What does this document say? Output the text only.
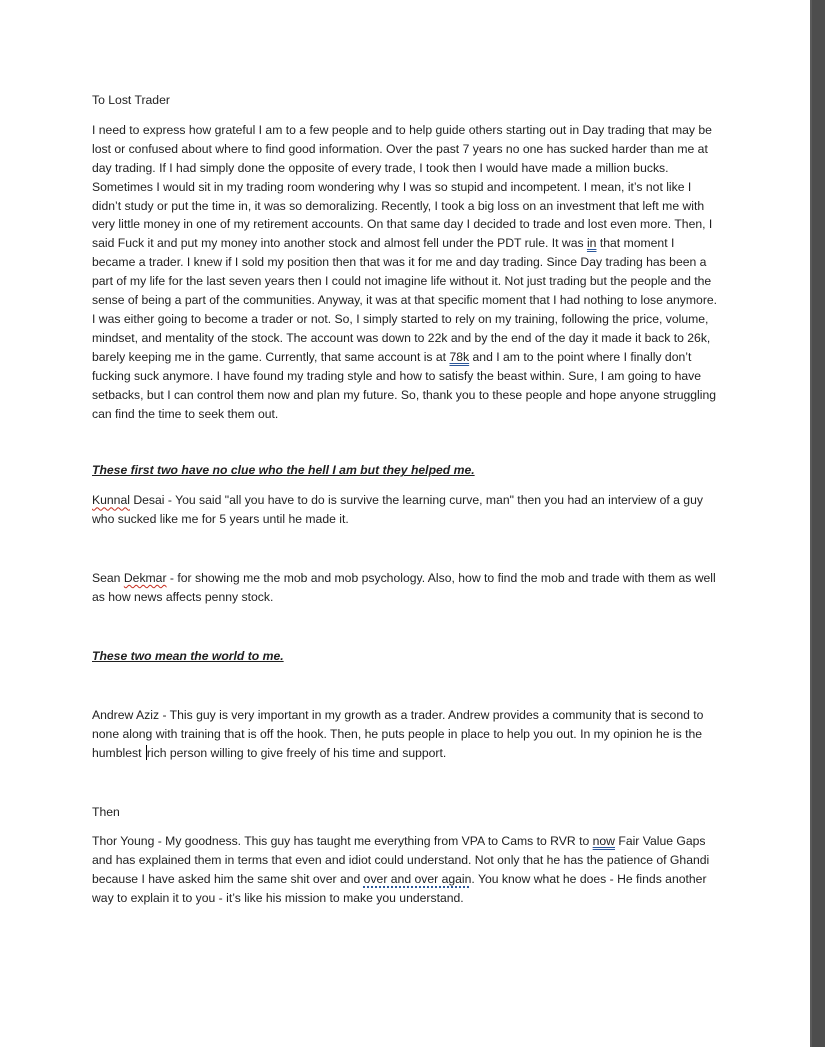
To Lost Trader

I need to express how grateful I am to a few people and to help guide others starting out in Day trading that may be lost or confused about where to find good information. Over the past 7 years no one has sucked harder than me at day trading. If I had simply done the opposite of every trade, I took then I would have made a million bucks. Sometimes I would sit in my trading room wondering why I was so stupid and incompetent. I mean, it’s not like I didn’t study or put the time in, it was so demoralizing. Recently, I took a big loss on an investment that left me with very little money in one of my retirement accounts. On that same day I decided to trade and lost even more. Then, I said Fuck it and put my money into another stock and almost fell under the PDT rule. It was in that moment I became a trader. I knew if I sold my position then that was it for me and day trading. Since Day trading has been a part of my life for the last seven years then I could not imagine life without it. Not just trading but the people and the sense of being a part of the communities. Anyway, it was at that specific moment that I had nothing to lose anymore. I was either going to become a trader or not. So, I simply started to rely on my training, following the price, volume, mindset, and mentality of the stock. The account was down to 22k and by the end of the day it made it back to 26k, barely keeping me in the game. Currently, that same account is at 78k and I am to the point where I finally don’t fucking suck anymore. I have found my trading style and how to satisfy the beast within. Sure, I am going to have setbacks, but I can control them now and plan my future. So, thank you to these people and hope anyone struggling can find the time to seek them out.

These first two have no clue who the hell I am but they helped me.

Kunnal Desai - You said "all you have to do is survive the learning curve, man" then you had an interview of a guy who sucked like me for 5 years until he made it.

Sean Dekmar - for showing me the mob and mob psychology. Also, how to find the mob and trade with them as well as how news affects penny stock.

These two mean the world to me.

Andrew Aziz - This guy is very important in my growth as a trader. Andrew provides a community that is second to none along with training that is off the hook. Then, he puts people in place to help you out. In my opinion he is the humblest rich person willing to give freely of his time and support.

Then

Thor Young - My goodness. This guy has taught me everything from VPA to Cams to RVR to now Fair Value Gaps and has explained them in terms that even and idiot could understand. Not only that he has the patience of Ghandi because I have asked him the same shit over and over and over again. You know what he does - He finds another way to explain it to you - it’s like his mission to make you understand.
